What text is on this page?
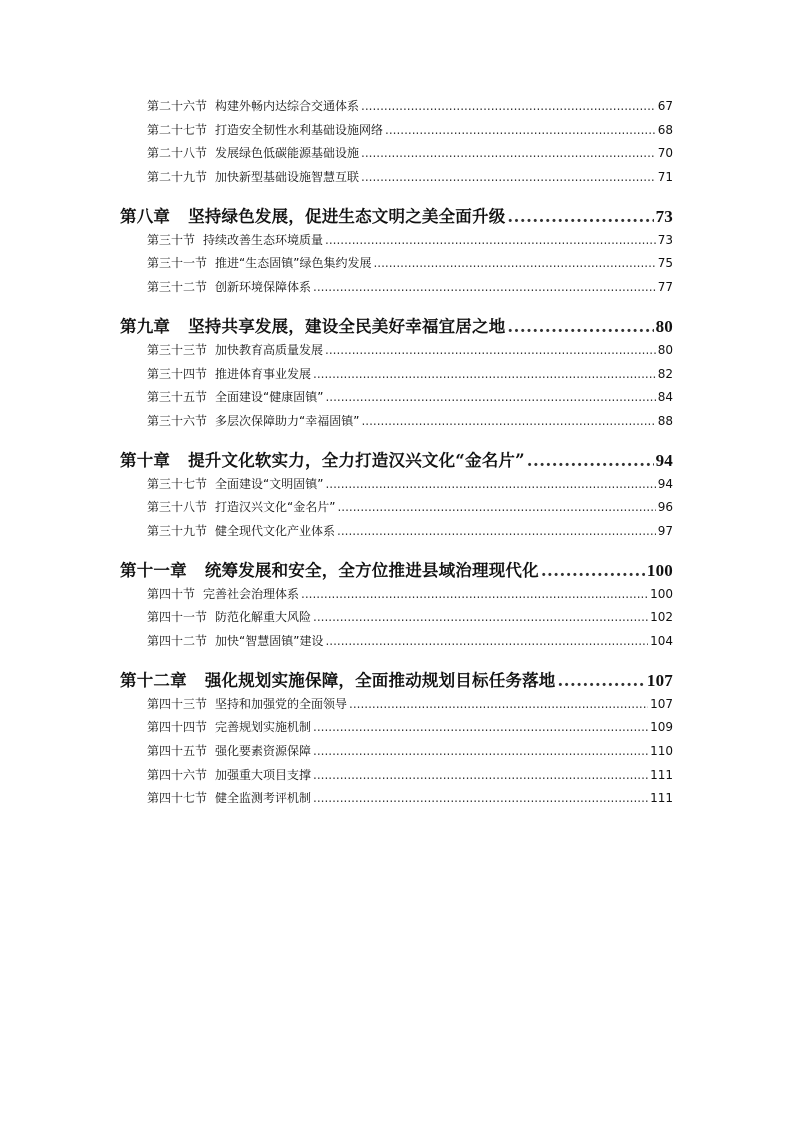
第二十六节 构建外畅内达综合交通体系 .....	67
第二十七节 打造安全韧性水利基础设施网络 .....	68
第二十八节 发展绿色低碳能源基础设施 .....	70
第二十九节 加快新型基础设施智慧互联 .....	71
第八章 坚持绿色发展，促进生态文明之美全面升级 .....	73
第三十节 持续改善生态环境质量 .....	73
第三十一节 推进“生态固镇”绿色集约发展 .....	75
第三十二节 创新环境保障体系 .....	77
第九章 坚持共享发展，建设全民美好幸福宜居之地 .....	80
第三十三节 加快教育高质量发展 .....	80
第三十四节 推进体育事业发展 .....	82
第三十五节 全面建设“健康固镇” .....	84
第三十六节 多层次保障助力“幸福固镇” .....	88
第十章 提升文化软实力，全力打造汉兴文化“金名片” .....	94
第三十七节 全面建设“文明固镇” .....	94
第三十八节 打造汉兴文化“金名片” .....	96
第三十九节 健全现代文化产业体系 .....	97
第十一章 统筹发展和安全，全方位推进县域治理现代化 .....	100
第四十节 完善社会治理体系 .....	100
第四十一节 防范化解重大风险 .....	102
第四十二节 加快“智慧固镇”建设 .....	104
第十二章 强化规划实施保障，全面推动规划目标任务落地 .....	107
第四十三节 坚持和加强党的全面领导 .....	107
第四十四节 完善规划实施机制 .....	109
第四十五节 强化要素资源保障 .....	110
第四十六节 加强重大项目支撑 .....	111
第四十七节 健全监测考评机制 .....	111
